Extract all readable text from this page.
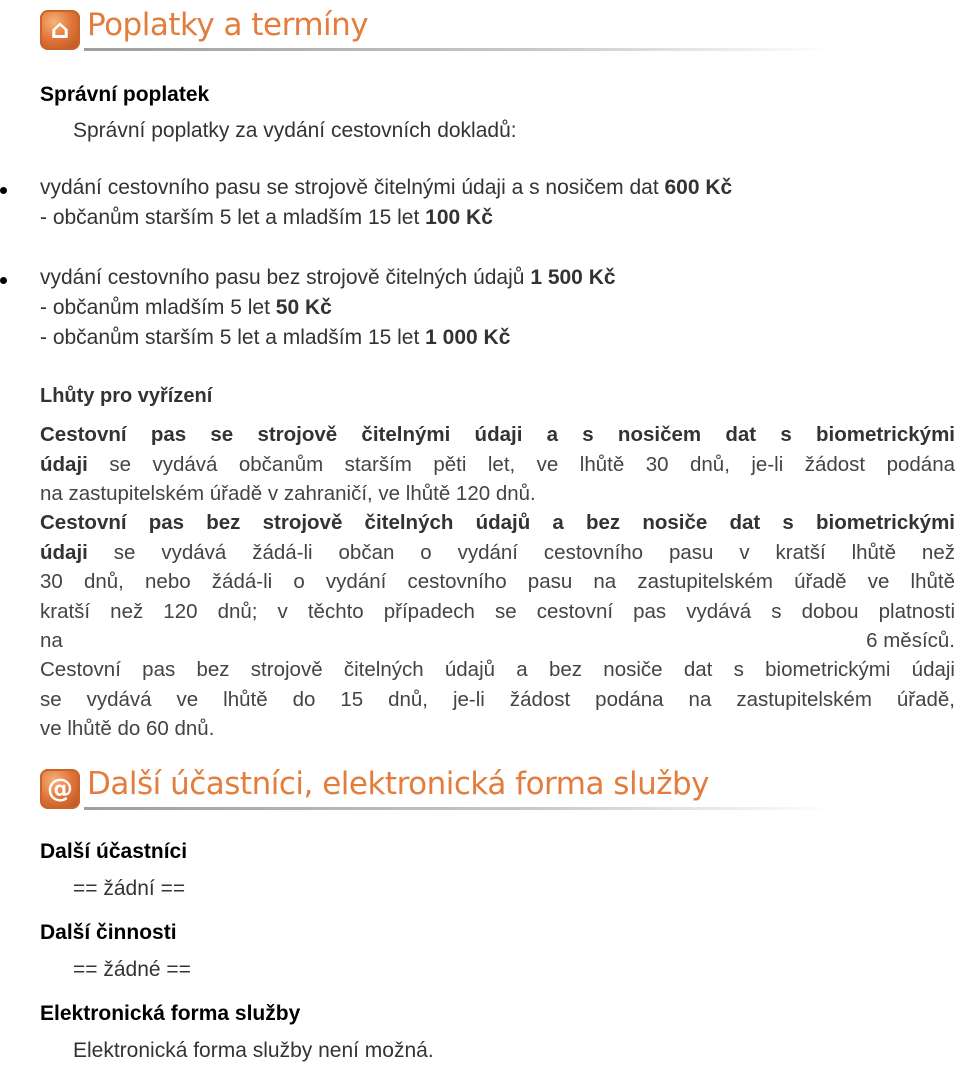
⌂ Poplatky a termíny
Správní poplatek
Správní poplatky za vydání cestovních dokladů:
vydání cestovního pasu se strojově čitelnými údaji a s nosičem dat 600 Kč
- občanům starším 5 let a mladším 15 let 100 Kč
vydání cestovního pasu bez strojově čitelných údajů 1 500 Kč
- občanům mladším 5 let 50 Kč
- občanům starším 5 let a mladším 15 let 1 000 Kč
Lhůty pro vyřízení
Cestovní pas se strojově čitelnými údaji a s nosičem dat s biometrickými
údaji se vydává občanům starším pěti let, ve lhůtě 30 dnů, je-li žádost podána
na zastupitelském úřadě v zahraničí, ve lhůtě 120 dnů.
Cestovní pas bez strojově čitelných údajů a bez nosiče dat s biometrickými
údaji se vydává žádá-li občan o vydání cestovního pasu v kratší lhůtě než
30 dnů, nebo žádá-li o vydání cestovního pasu na zastupitelském úřadě ve lhůtě
kratší než 120 dnů; v těchto případech se cestovní pas vydává s dobou platnosti
na	6 měsíců.
Cestovní pas bez strojově čitelných údajů a bez nosiče dat s biometrickými údaji
se vydává ve lhůtě do 15 dnů, je-li žádost podána na zastupitelském úřadě,
ve lhůtě do 60 dnů.
@ Další účastníci, elektronická forma služby
Další účastníci
== žádní ==
Další činnosti
== žádné ==
Elektronická forma služby
Elektronická forma služby není možná.
